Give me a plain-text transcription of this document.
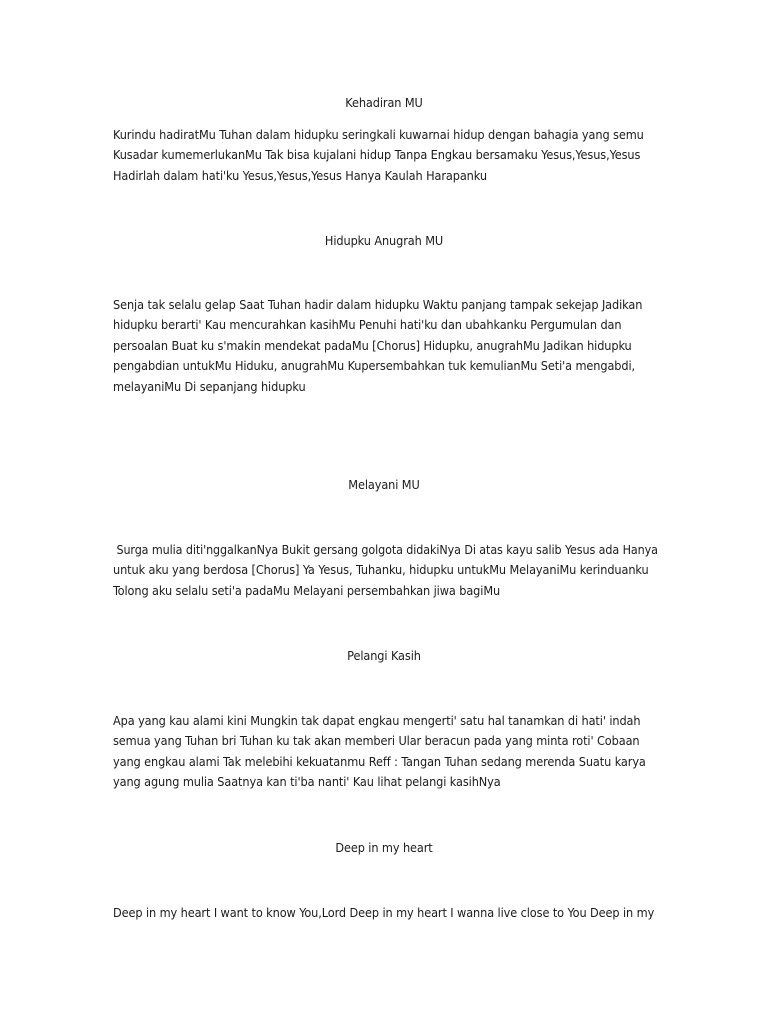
Kehadiran MU
Kurindu hadiratMu Tuhan dalam hidupku seringkali kuwarnai hidup dengan bahagia yang semu
Kusadar kumemerlukanMu Tak bisa kujalani hidup Tanpa Engkau bersamaku Yesus,Yesus,Yesus
Hadirlah dalam hati'ku Yesus,Yesus,Yesus Hanya Kaulah Harapanku
Hidupku Anugrah MU
Senja tak selalu gelap Saat Tuhan hadir dalam hidupku Waktu panjang tampak sekejap Jadikan
hidupku berarti' Kau mencurahkan kasihMu Penuhi hati'ku dan ubahkanku Pergumulan dan
persoalan Buat ku s'makin mendekat padaMu [Chorus] Hidupku, anugrahMu Jadikan hidupku
pengabdian untukMu Hiduku, anugrahMu Kupersembahkan tuk kemulianMu Seti'a mengabdi,
melayaniMu Di sepanjang hidupku
Melayani MU
Surga mulia diti'nggalkanNya Bukit gersang golgota didakiNya Di atas kayu salib Yesus ada Hanya
untuk aku yang berdosa [Chorus] Ya Yesus, Tuhanku, hidupku untukMu MelayaniMu kerinduanku
Tolong aku selalu seti'a padaMu Melayani persembahkan jiwa bagiMu
Pelangi Kasih
Apa yang kau alami kini Mungkin tak dapat engkau mengerti' satu hal tanamkan di hati' indah
semua yang Tuhan bri Tuhan ku tak akan memberi Ular beracun pada yang minta roti' Cobaan
yang engkau alami Tak melebihi kekuatanmu Reff : Tangan Tuhan sedang merenda Suatu karya
yang agung mulia Saatnya kan ti'ba nanti' Kau lihat pelangi kasihNya
Deep in my heart
Deep in my heart I want to know You,Lord Deep in my heart I wanna live close to You Deep in my
